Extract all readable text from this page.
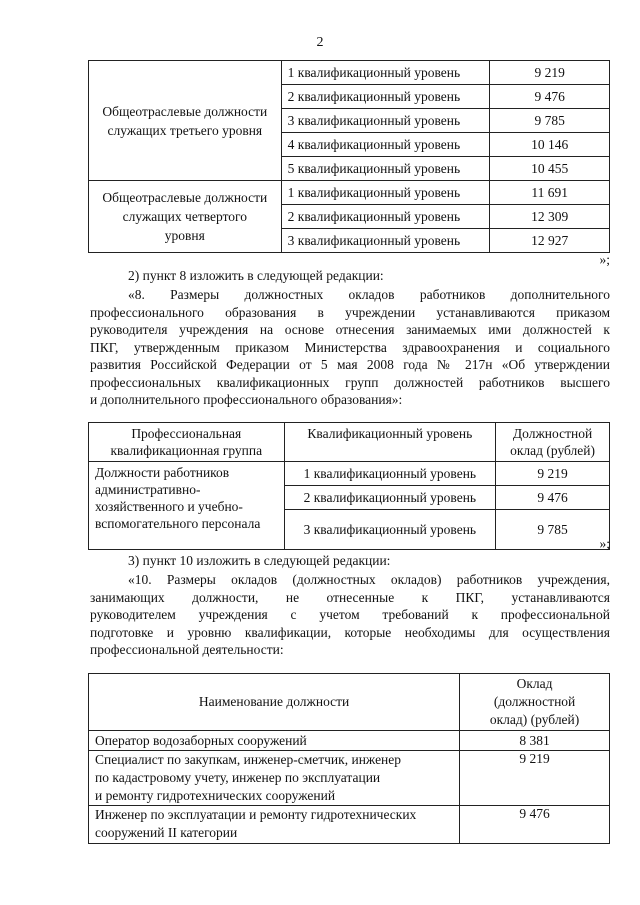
2
Общеотраслевые должности
служащих третьего уровня	1 квалификационный уровень	9 219
	2 квалификационный уровень	9 476
	3 квалификационный уровень	9 785
	4 квалификационный уровень	10 146
	5 квалификационный уровень	10 455

Общеотраслевые должности
служащих четвертого
уровня	1 квалификационный уровень	11 691
	2 квалификационный уровень	12 309
	3 квалификационный уровень	12 927
»;
2) пункт 8 изложить в следующей редакции:
«8. Размеры должностных окладов работников дополнительного
профессионального образования в учреждении устанавливаются приказом
руководителя учреждения на основе отнесения занимаемых ими должностей к
ПКГ, утвержденным приказом Министерства здравоохранения и социального
развития Российской Федерации от 5 мая 2008 года № 217н «Об утверждении
профессиональных квалификационных групп должностей работников высшего
и дополнительного профессионального образования»:
Профессиональная
квалификационная группа	Квалификационный уровень	Должностной
оклад (рублей)

Должности работников
административно-
хозяйственного и учебно-
вспомогательного персонала	1 квалификационный уровень	9 219
	2 квалификационный уровень	9 476
	3 квалификационный уровень	9 785
»;
3) пункт 10 изложить в следующей редакции:
«10. Размеры окладов (должностных окладов) работников учреждения,
занимающих должности, не отнесенные к ПКГ, устанавливаются
руководителем учреждения с учетом требований к профессиональной
подготовке и уровню квалификации, которые необходимы для осуществления
профессиональной деятельности:
Наименование должности	Оклад
(должностной
оклад) (рублей)

Оператор водозаборных сооружений	8 381

Специалист по закупкам, инженер-сметчик, инженер
по кадастровому учету, инженер по эксплуатации
и ремонту гидротехнических сооружений	9 219

Инженер по эксплуатации и ремонту гидротехнических
сооружений II категории	9 476
